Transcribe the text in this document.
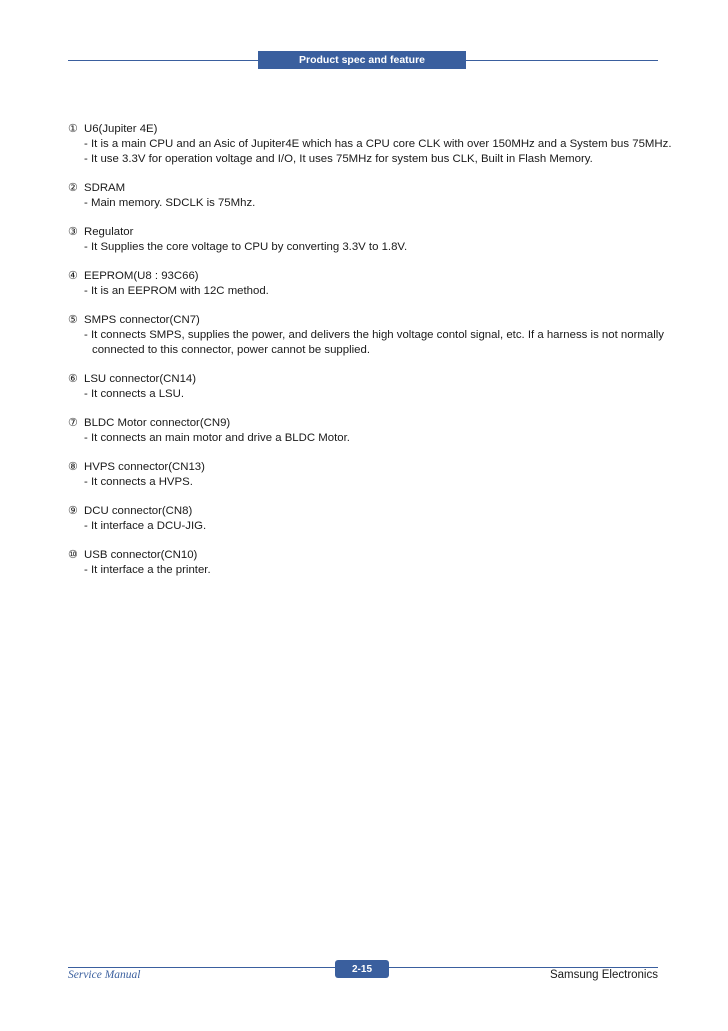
Product spec and feature
① U6(Jupiter 4E)
- It is a main CPU and an Asic of Jupiter4E which has a CPU core CLK with over 150MHz and a System bus 75MHz.
- It use 3.3V for operation voltage and I/O, It uses 75MHz for system bus CLK, Built in Flash Memory.
② SDRAM
- Main memory. SDCLK is 75Mhz.
③ Regulator
- It Supplies the core voltage to CPU by converting 3.3V to 1.8V.
④ EEPROM(U8 : 93C66)
- It is an EEPROM with 12C method.
⑤ SMPS connector(CN7)
- It connects SMPS, supplies the power, and delivers the high voltage contol signal, etc. If a harness is not normally
connected to this connector, power cannot be supplied.
⑥ LSU connector(CN14)
- It connects a LSU.
⑦ BLDC Motor connector(CN9)
- It connects an main motor and drive a BLDC Motor.
⑧ HVPS connector(CN13)
- It connects a HVPS.
⑨ DCU connector(CN8)
- It interface a DCU-JIG.
⑩ USB connector(CN10)
- It interface a the printer.
Service Manual	2-15	Samsung Electronics
